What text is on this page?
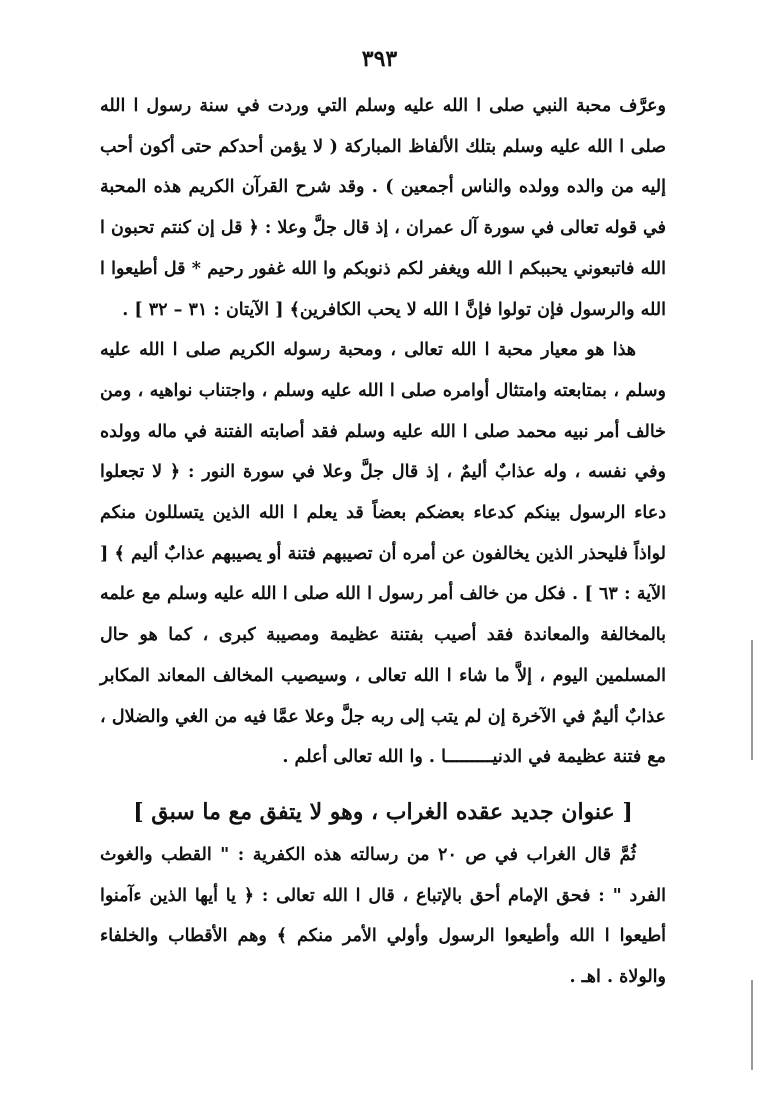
٣٩٣

وعرَّف محبة النبي صلى ا الله عليه وسلم التي وردت في سنة رسول ا الله صلى ا الله عليه وسلم بتلك الألفاظ المباركة ( لا يؤمن أحدكم حتى أكون أحب إليه من والده وولده والناس أجمعين ) . وقد شرح القرآن الكريم هذه المحبة في قوله تعالى في سورة آل عمران ، إذ قال جلَّ وعلا : ﴿ قل إن كنتم تحبون ا الله فاتبعوني يحببكم ا الله ويغفر لكم ذنوبكم وا الله غفور رحيم * قل أطيعوا ا الله والرسول فإن تولوا فإنَّ ا الله لا يحب الكافرين﴾ [ الآيتان : ٣١ – ٣٢ ] .

هذا هو معيار محبة ا الله تعالى ، ومحبة رسوله الكريم صلى ا الله عليه وسلم ، بمتابعته وامتثال أوامره صلى ا الله عليه وسلم ، واجتناب نواهيه ، ومن خالف أمر نبيه محمد صلى ا الله عليه وسلم فقد أصابته الفتنة في ماله وولده وفي نفسه ، وله عذابٌ أليمٌ ، إذ قال جلَّ وعلا في سورة النور : ﴿ لا تجعلوا دعاء الرسول بينكم كدعاء بعضكم بعضاً قد يعلم ا الله الذين يتسللون منكم لواذاً فليحذر الذين يخالفون عن أمره أن تصيبهم فتنة أو يصيبهم عذابٌ أليم ﴾ [ الآية : ٦٣ ] . فكل من خالف أمر رسول ا الله صلى ا الله عليه وسلم مع علمه بالمخالفة والمعاندة فقد أصيب بفتنة عظيمة ومصيبة كبرى ، كما هو حال المسلمين اليوم ، إلاَّ ما شاء ا الله تعالى ، وسيصيب المخالف المعاند المكابر عذابٌ أليمٌ في الآخرة إن لم يتب إلى ربه جلَّ وعلا عمَّا فيه من الغي والضلال ، مع فتنة عظيمة في الدنيـــــــــا . وا الله تعالى أعلم .

[ عنوان جديد عقده الغراب ، وهو لا يتفق مع ما سبق ]

ثُمَّ قال الغراب في ص ٢٠ من رسالته هذه الكفرية : " القطب والغوث الفرد " : فحق الإمام أحق بالإتباع ، قال ا الله تعالى : ﴿ يا أيها الذين ءآمنوا أطيعوا ا الله وأطيعوا الرسول وأولي الأمر منكم ﴾ وهم الأقطاب والخلفاء والولاة . اهـ .
